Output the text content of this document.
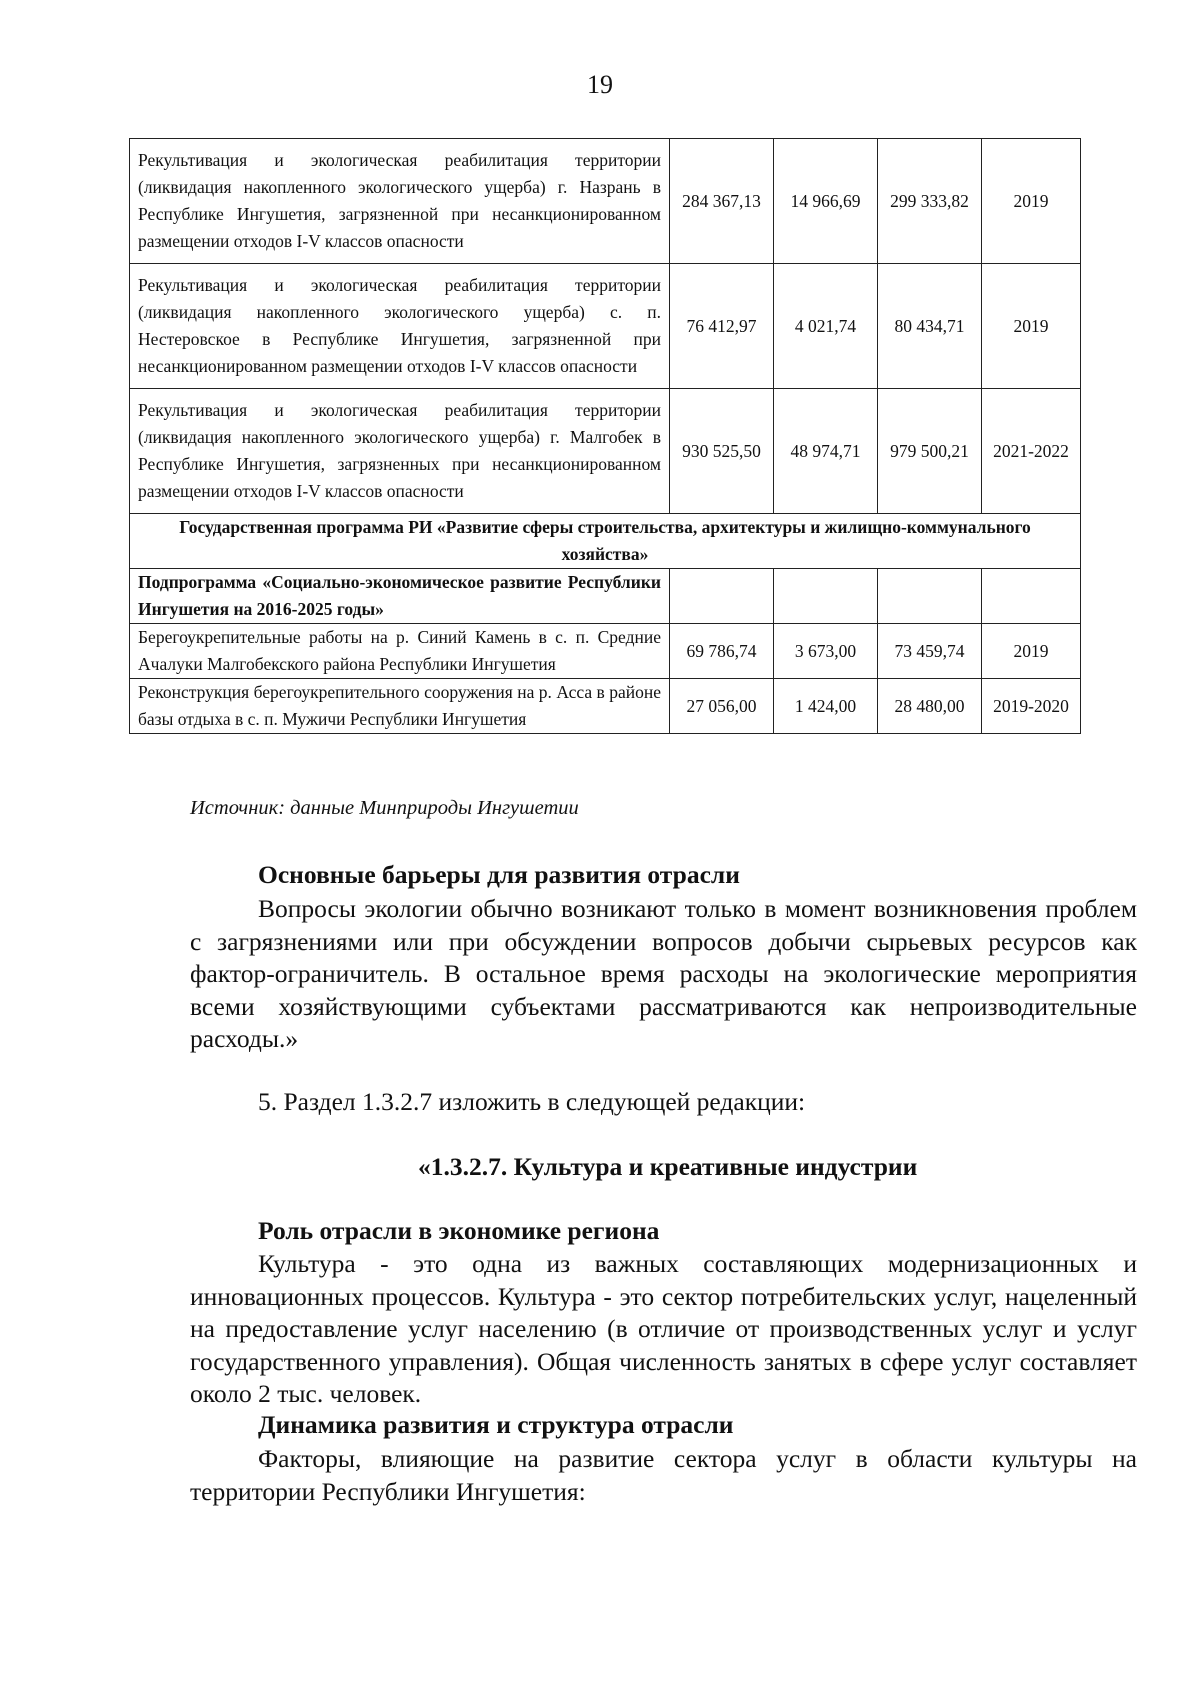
19
Рекультивация и экологическая реабилитация территории (ликвидация накопленного экологического ущерба) г. Назрань в Республике Ингушетия, загрязненной при несанкционированном размещении отходов I-V классов опасности	284 367,13	14 966,69	299 333,82	2019
Рекультивация и экологическая реабилитация территории (ликвидация накопленного экологического ущерба) с. п. Нестеровское в Республике Ингушетия, загрязненной при несанкционированном размещении отходов I-V классов опасности	76 412,97	4 021,74	80 434,71	2019
Рекультивация и экологическая реабилитация территории (ликвидация накопленного экологического ущерба) г. Малгобек в Республике Ингушетия, загрязненных при несанкционированном размещении отходов I-V классов опасности	930 525,50	48 974,71	979 500,21	2021-2022
Государственная программа РИ «Развитие сферы строительства, архитектуры и жилищно-коммунального хозяйства»				
Подпрограмма «Социально-экономическое развитие Республики Ингушетия на 2016-2025 годы»				
Берегоукрепительные работы на р. Синий Камень в с. п. Средние Ачалуки Малгобекского района Республики Ингушетия	69 786,74	3 673,00	73 459,74	2019
Реконструкция берегоукрепительного сооружения на р. Асса в районе базы отдыха в с. п. Мужичи Республики Ингушетия	27 056,00	1 424,00	28 480,00	2019-2020
Источник: данные Минприроды Ингушетии
Основные барьеры для развития отрасли

Вопросы экологии обычно возникают только в момент возникновения проблем с загрязнениями или при обсуждении вопросов добычи сырьевых ресурсов как фактор-ограничитель. В остальное время расходы на экологические мероприятия всеми хозяйствующими субъектами рассматриваются как непроизводительные расходы.»

5. Раздел 1.3.2.7 изложить в следующей редакции:
«1.3.2.7. Культура и креативные индустрии
Роль отрасли в экономике региона

Культура - это одна из важных составляющих модернизационных и инновационных процессов. Культура - это сектор потребительских услуг, нацеленный на предоставление услуг населению (в отличие от производственных услуг и услуг государственного управления). Общая численность занятых в сфере услуг составляет около 2 тыс. человек.

Динамика развития и структура отрасли

Факторы, влияющие на развитие сектора услуг в области культуры на территории Республики Ингушетия:
